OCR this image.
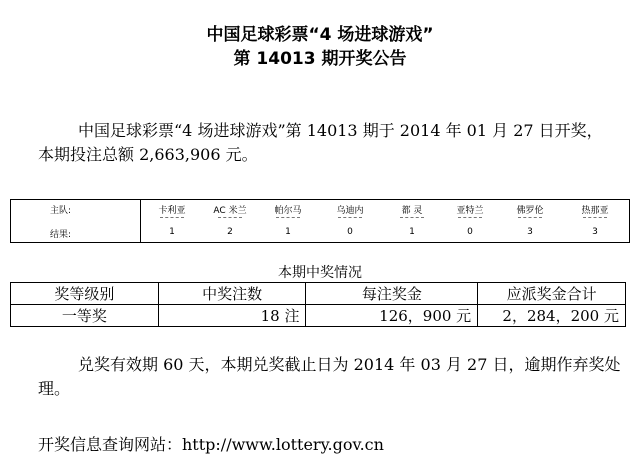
中国足球彩票“4 场进球游戏”
第 14013 期开奖公告
中国足球彩票“4 场进球游戏”第 14013 期于 2014 年 01 月 27 日开奖，
本期投注总额 2,663,906 元。
主队:	卡利亚	AC 米兰	帕尔马	乌迪内	都 灵	亚特兰	佛罗伦	热那亚
结果:	1	2	1	0	1	0	3	3
本期中奖情况
奖等级别	中奖注数	每注奖金	应派奖金合计
一等奖	18 注	126，900 元	2，284，200 元
兑奖有效期 60 天，本期兑奖截止日为 2014 年 03 月 27 日，逾期作弃奖处理。
开奖信息查询网站：http://www.lottery.gov.cn
